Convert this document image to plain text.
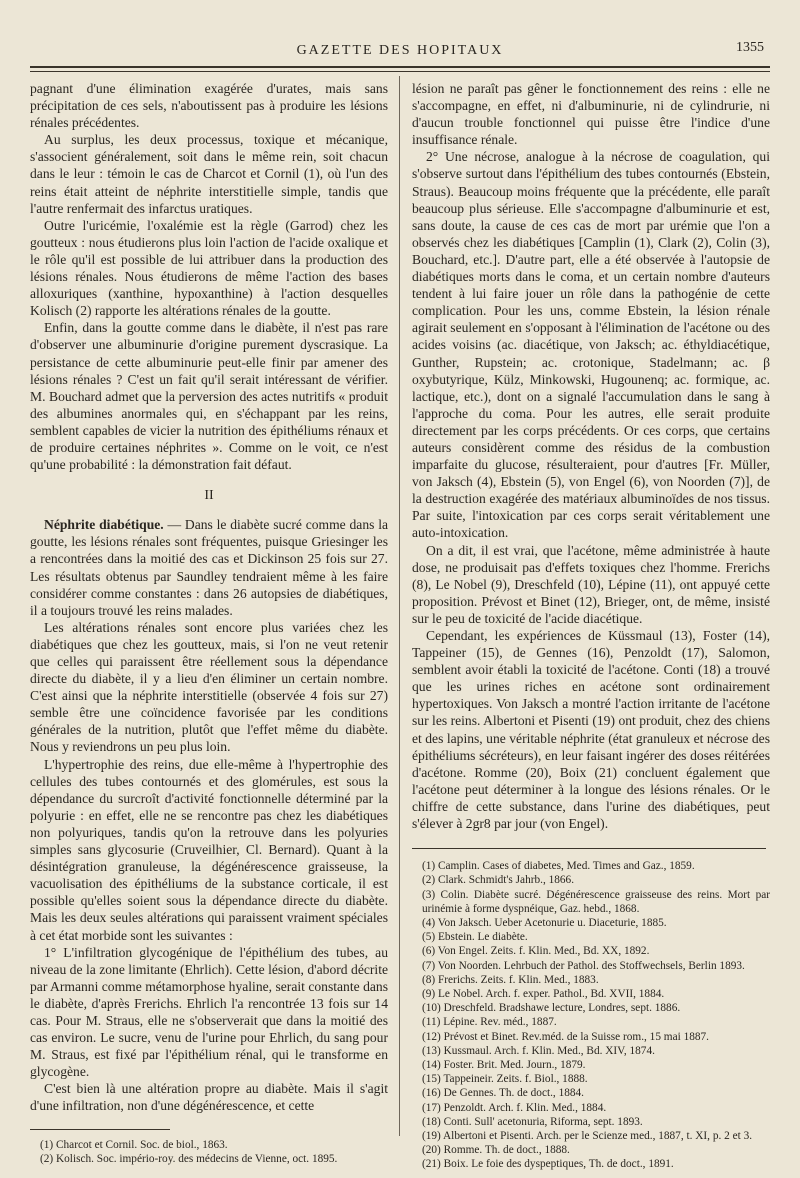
GAZETTE DES HOPITAUX	1355

pagnant d'une élimination exagérée d'urates, mais sans précipitation de ces sels, n'aboutissent pas à produire les lésions rénales précédentes.

Au surplus, les deux processus, toxique et mécanique, s'associent généralement, soit dans le même rein, soit chacun dans le leur : témoin le cas de Charcot et Cornil (1), où l'un des reins était atteint de néphrite interstitielle simple, tandis que l'autre renfermait des infarctus uratiques.

Outre l'uricémie, l'oxalémie est la règle (Garrod) chez les goutteux : nous étudierons plus loin l'action de l'acide oxalique et le rôle qu'il est possible de lui attribuer dans la production des lésions rénales. Nous étudierons de même l'action des bases alloxuriques (xanthine, hypoxanthine) à l'action desquelles Kolisch (2) rapporte les altérations rénales de la goutte.

Enfin, dans la goutte comme dans le diabète, il n'est pas rare d'observer une albuminurie d'origine purement dyscrasique. La persistance de cette albuminurie peut-elle finir par amener des lésions rénales ? C'est un fait qu'il serait intéressant de vérifier. M. Bouchard admet que la perversion des actes nutritifs « produit des albumines anormales qui, en s'échappant par les reins, semblent capables de vicier la nutrition des épithéliums rénaux et de produire certaines néphrites ». Comme on le voit, ce n'est qu'une probabilité : la démonstration fait défaut.

II

Néphrite diabétique. — Dans le diabète sucré comme dans la goutte, les lésions rénales sont fréquentes, puisque Griesinger les a rencontrées dans la moitié des cas et Dickinson 25 fois sur 27. Les résultats obtenus par Saundley tendraient même à les faire considérer comme constantes : dans 26 autopsies de diabétiques, il a toujours trouvé les reins malades.

Les altérations rénales sont encore plus variées chez les diabétiques que chez les goutteux, mais, si l'on ne veut retenir que celles qui paraissent être réellement sous la dépendance directe du diabète, il y a lieu d'en éliminer un certain nombre. C'est ainsi que la néphrite interstitielle (observée 4 fois sur 27) semble être une coïncidence favorisée par les conditions générales de la nutrition, plutôt que l'effet même du diabète. Nous y reviendrons un peu plus loin.

L'hypertrophie des reins, due elle-même à l'hypertrophie des cellules des tubes contournés et des glomérules, est sous la dépendance du surcroît d'activité fonctionnelle déterminé par la polyurie : en effet, elle ne se rencontre pas chez les diabétiques non polyuriques, tandis qu'on la retrouve dans les polyuries simples sans glycosurie (Cruveilhier, Cl. Bernard). Quant à la désintégration granuleuse, la dégénérescence graisseuse, la vacuolisation des épithéliums de la substance corticale, il est possible qu'elles soient sous la dépendance directe du diabète. Mais les deux seules altérations qui paraissent vraiment spéciales à cet état morbide sont les suivantes :

1° L'infiltration glycogénique de l'épithélium des tubes, au niveau de la zone limitante (Ehrlich). Cette lésion, d'abord décrite par Armanni comme métamorphose hyaline, serait constante dans le diabète, d'après Frerichs. Ehrlich l'a rencontrée 13 fois sur 14 cas. Pour M. Straus, elle ne s'observerait que dans la moitié des cas environ. Le sucre, venu de l'urine pour Ehrlich, du sang pour M. Straus, est fixé par l'épithélium rénal, qui le transforme en glycogène.

C'est bien là une altération propre au diabète. Mais il s'agit d'une infiltration, non d'une dégénérescence, et cette

(1) Charcot et Cornil. Soc. de biol., 1863.

(2) Kolisch. Soc. império-roy. des médecins de Vienne, oct. 1895.

lésion ne paraît pas gêner le fonctionnement des reins : elle ne s'accompagne, en effet, ni d'albuminurie, ni de cylindrurie, ni d'aucun trouble fonctionnel qui puisse être l'indice d'une insuffisance rénale.

2° Une nécrose, analogue à la nécrose de coagulation, qui s'observe surtout dans l'épithélium des tubes contournés (Ebstein, Straus). Beaucoup moins fréquente que la précédente, elle paraît beaucoup plus sérieuse. Elle s'accompagne d'albuminurie et est, sans doute, la cause de ces cas de mort par urémie que l'on a observés chez les diabétiques [Camplin (1), Clark (2), Colin (3), Bouchard, etc.]. D'autre part, elle a été observée à l'autopsie de diabétiques morts dans le coma, et un certain nombre d'auteurs tendent à lui faire jouer un rôle dans la pathogénie de cette complication. Pour les uns, comme Ebstein, la lésion rénale agirait seulement en s'opposant à l'élimination de l'acétone ou des acides voisins (ac. diacétique, von Jaksch; ac. éthyldiacétique, Gunther, Rupstein; ac. crotonique, Stadelmann; ac. β oxybutyrique, Külz, Minkowski, Hugounenq; ac. formique, ac. lactique, etc.), dont on a signalé l'accumulation dans le sang à l'approche du coma. Pour les autres, elle serait produite directement par les corps précédents. Or ces corps, que certains auteurs considèrent comme des résidus de la combustion imparfaite du glucose, résulteraient, pour d'autres [Fr. Müller, von Jaksch (4), Ebstein (5), von Engel (6), von Noorden (7)], de la destruction exagérée des matériaux albuminoïdes de nos tissus. Par suite, l'intoxication par ces corps serait véritablement une auto-intoxication.

On a dit, il est vrai, que l'acétone, même administrée à haute dose, ne produisait pas d'effets toxiques chez l'homme. Frerichs (8), Le Nobel (9), Dreschfeld (10), Lépine (11), ont appuyé cette proposition. Prévost et Binet (12), Brieger, ont, de même, insisté sur le peu de toxicité de l'acide diacétique.

Cependant, les expériences de Küssmaul (13), Foster (14), Tappeiner (15), de Gennes (16), Penzoldt (17), Salomon, semblent avoir établi la toxicité de l'acétone. Conti (18) a trouvé que les urines riches en acétone sont ordinairement hypertoxiques. Von Jaksch a montré l'action irritante de l'acétone sur les reins. Albertoni et Pisenti (19) ont produit, chez des chiens et des lapins, une véritable néphrite (état granuleux et nécrose des épithéliums sécréteurs), en leur faisant ingérer des doses réitérées d'acétone. Romme (20), Boix (21) concluent également que l'acétone peut déterminer à la longue des lésions rénales. Or le chiffre de cette substance, dans l'urine des diabétiques, peut s'élever à 2gr8 par jour (von Engel).

(1) Camplin. Cases of diabetes, Med. Times and Gaz., 1859.

(2) Clark. Schmidt's Jahrb., 1866.

(3) Colin. Diabète sucré. Dégénérescence graisseuse des reins. Mort par urinémie à forme dyspnéique, Gaz. hebd., 1868.

(4) Von Jaksch. Ueber Acetonurie u. Diaceturie, 1885.

(5) Ebstein. Le diabète.

(6) Von Engel. Zeits. f. Klin. Med., Bd. XX, 1892.

(7) Von Noorden. Lehrbuch der Pathol. des Stoffwechsels, Berlin 1893.

(8) Frerichs. Zeits. f. Klin. Med., 1883.

(9) Le Nobel. Arch. f. exper. Pathol., Bd. XVII, 1884.

(10) Dreschfeld. Bradshawe lecture, Londres, sept. 1886.

(11) Lépine. Rev. méd., 1887.

(12) Prévost et Binet. Rev.méd. de la Suisse rom., 15 mai 1887.

(13) Kussmaul. Arch. f. Klin. Med., Bd. XIV, 1874.

(14) Foster. Brit. Med. Journ., 1879.

(15) Tappeineir. Zeits. f. Biol., 1888.

(16) De Gennes. Th. de doct., 1884.

(17) Penzoldt. Arch. f. Klin. Med., 1884.

(18) Conti. Sull' acetonuria, Riforma, sept. 1893.

(19) Albertoni et Pisenti. Arch. per le Scienze med., 1887, t. XI, p. 2 et 3.

(20) Romme. Th. de doct., 1888.

(21) Boix. Le foie des dyspeptiques, Th. de doct., 1891.
